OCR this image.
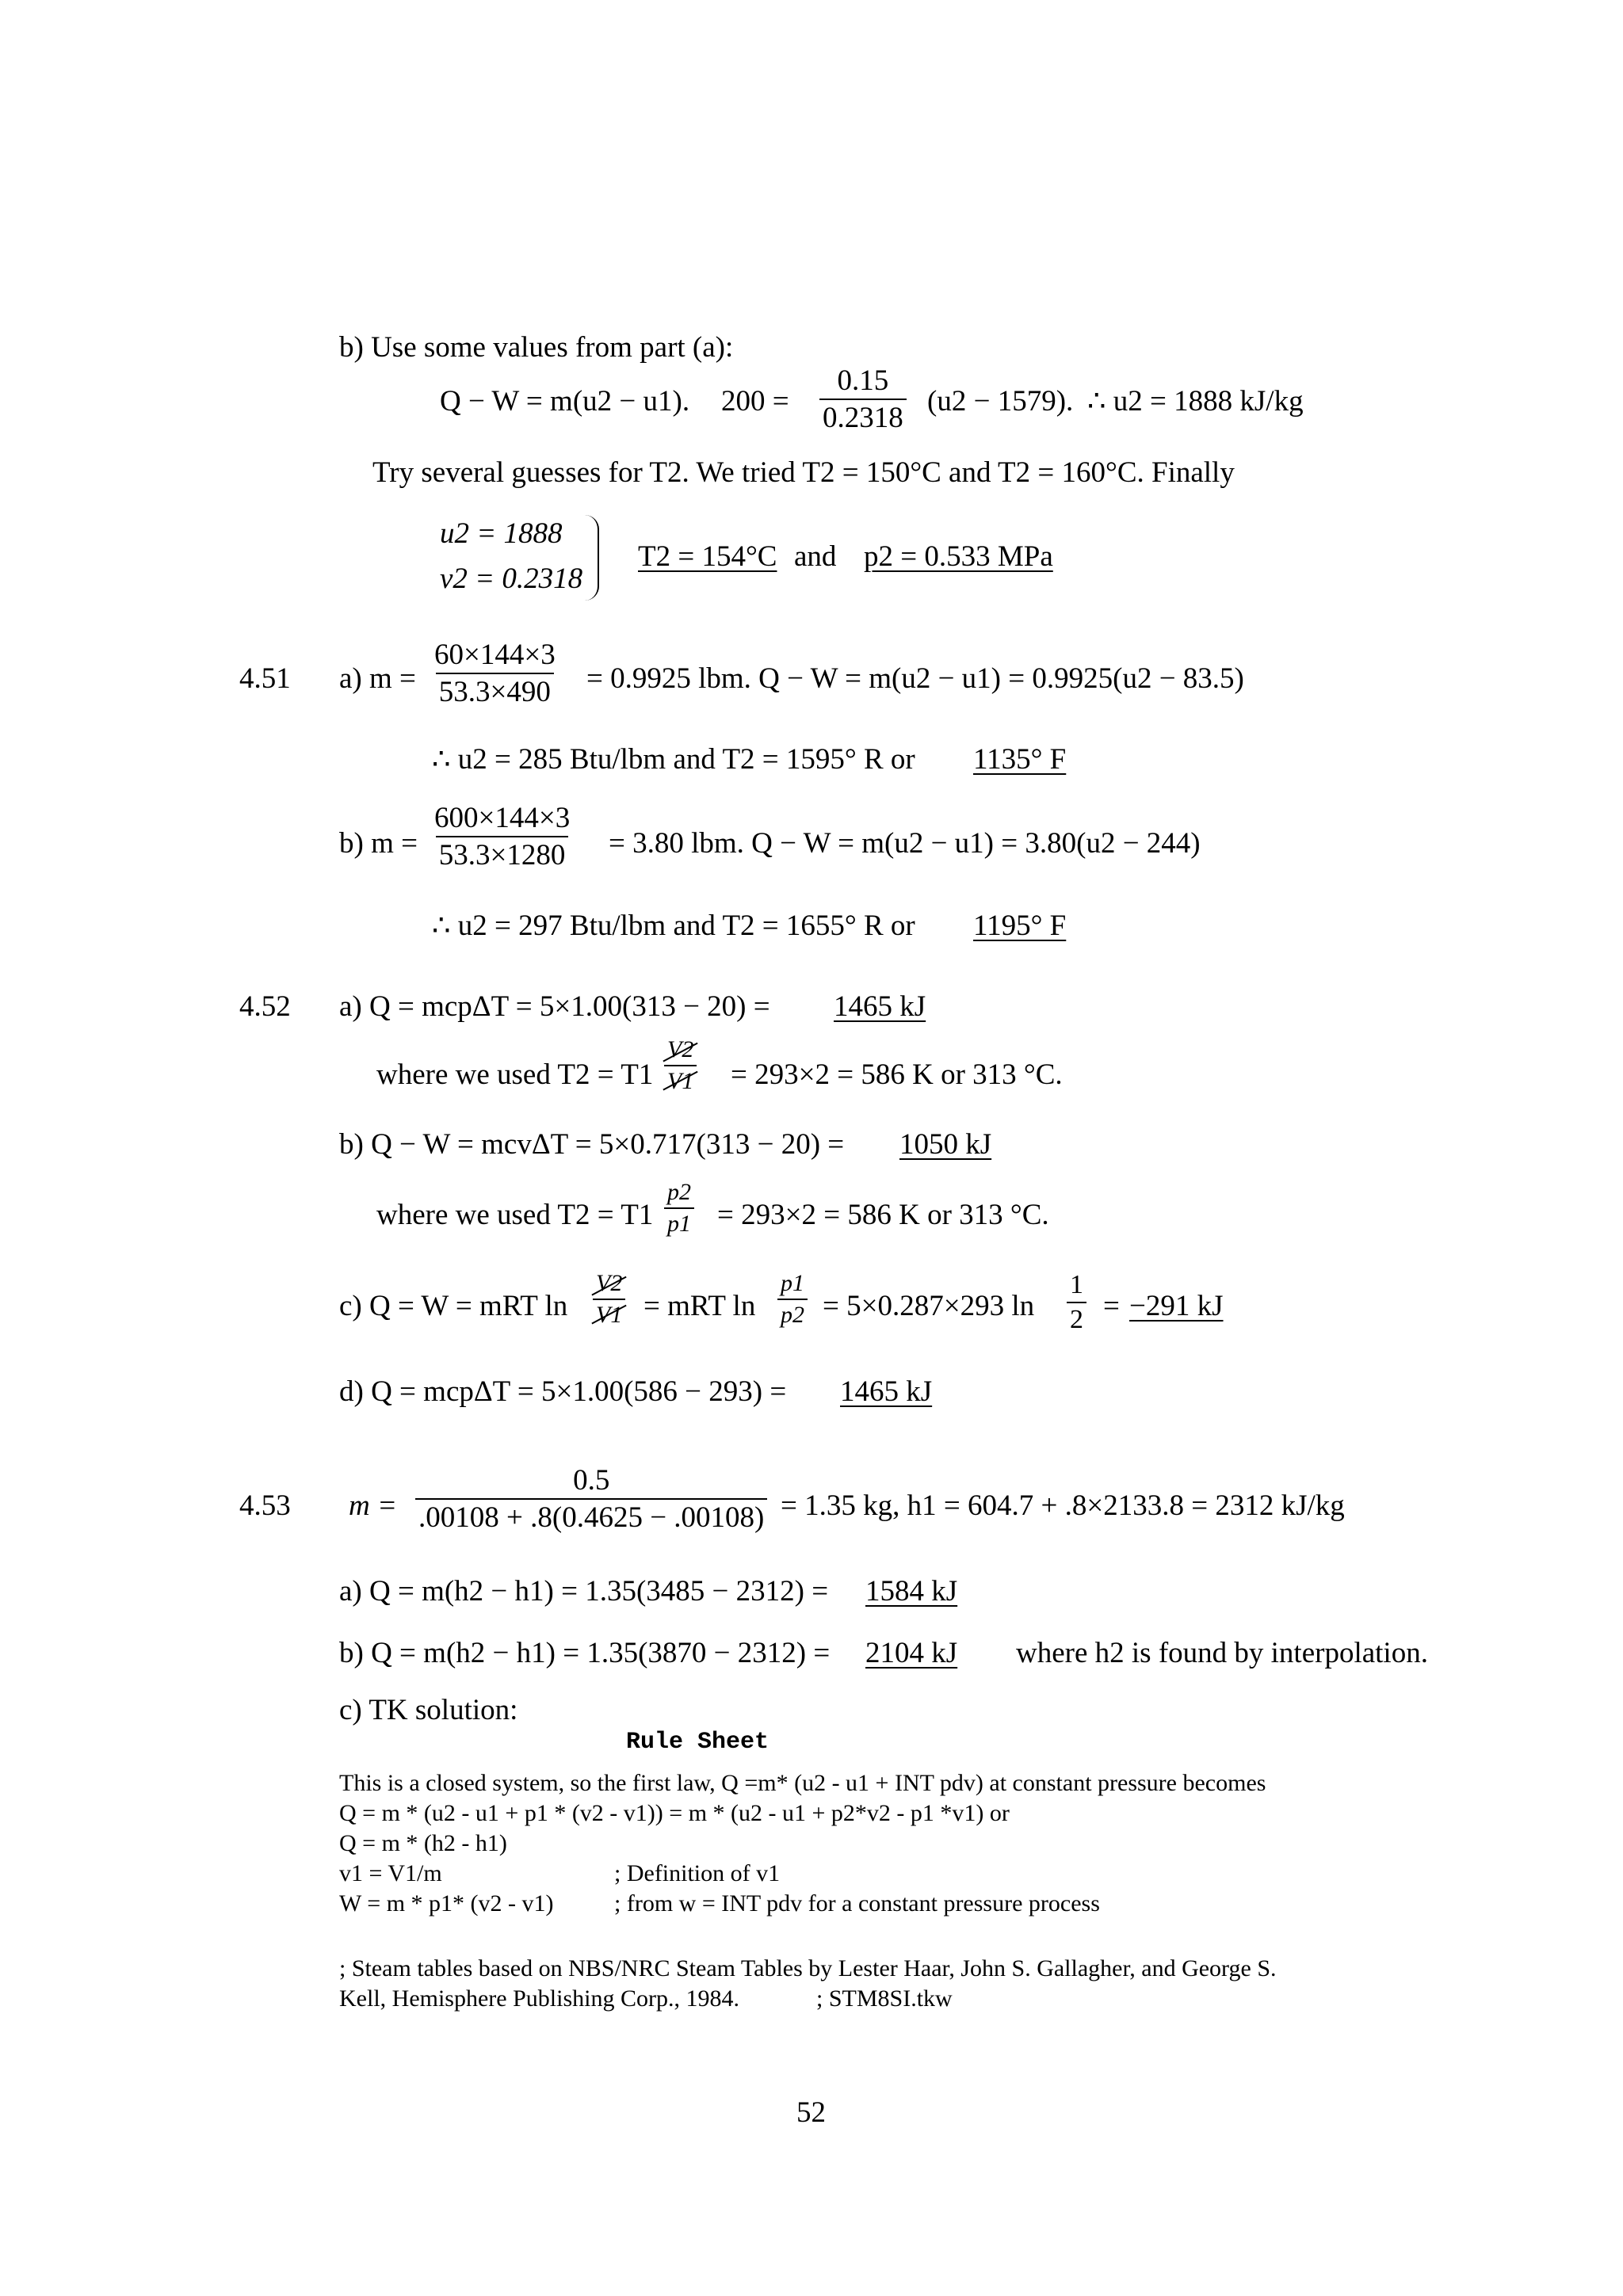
b) Use some values from part (a):
Q − W = m(u2 − u1). $200 = \frac{0.15}{0.2318} (u2 - 1579)$. ∴ u2 = 1888 kJ/kg
Try several guesses for T2. We tried T2 = 150°C and T2 = 160°C. Finally
u2 = 1888
v2 = 0.2318
T2 = 154°C and p2 = 0.533 MPa
4.51 a) $m = \frac{60\times 144\times 3}{53.3\times 490} = 0.9925$ lbm. Q − W = m(u2 − u1) = 0.9925(u2 − 83.5)
∴ u2 = 285 Btu/lbm and T2 = 1595° R or 1135° F
b) $m = \frac{600\times 144\times 3}{53.3\times 1280} = 3.80$ lbm. Q − W = m(u2 − u1) = 3.80(u2 − 244)
∴ u2 = 297 Btu/lbm and T2 = 1655° R or 1195° F
4.52 a) Q = mcpΔT = 5×1.00(313 − 20) = 1465 kJ
where we used $T2 = T1 \frac{V2}{V1} = 293\times 2 = 586$ K or 313 °C.
b) Q − W = mcvΔT = 5×0.717(313 − 20) = 1050 kJ
where we used $T2 = T1 \frac{p2}{p1} = 293\times 2 = 586$ K or 313 °C.
c) Q = W = mRT $\ln \frac{V2}{V1}$ = mRT $\ln \frac{p1}{p2} = 5\times 0.287\times 293$ $\ln \frac{1}{2} = -291$ kJ
d) Q = mcpΔT = 5×1.00(586 − 293) = 1465 kJ
4.53 $m = \frac{0.5}{.00108 + .8(0.4625 - .00108)} = 1.35$ kg, h1 = 604.7 + .8×2133.8 = 2312 kJ/kg
a) Q = m(h2 − h1) = 1.35(3485 − 2312) = 1584 kJ
b) Q = m(h2 − h1) = 1.35(3870 − 2312) = 2104 kJ where h2 is found by interpolation.
c) TK solution:
Rule Sheet
This is a closed system, so the first law, Q =m* (u2 - u1 + INT pdv) at constant pressure becomes
Q = m * (u2 - u1 + p1 * (v2 - v1)) = m * (u2 - u1 + p2*v2 - p1 *v1) or
Q = m * (h2 - h1)
v1 = V1/m	; Definition of v1
W = m * p1* (v2 - v1)	; from w = INT pdv for a constant pressure process
; Steam tables based on NBS/NRC Steam Tables by Lester Haar, John S. Gallagher, and George S.
Kell, Hemisphere Publishing Corp., 1984.	; STM8SI.tkw
52
